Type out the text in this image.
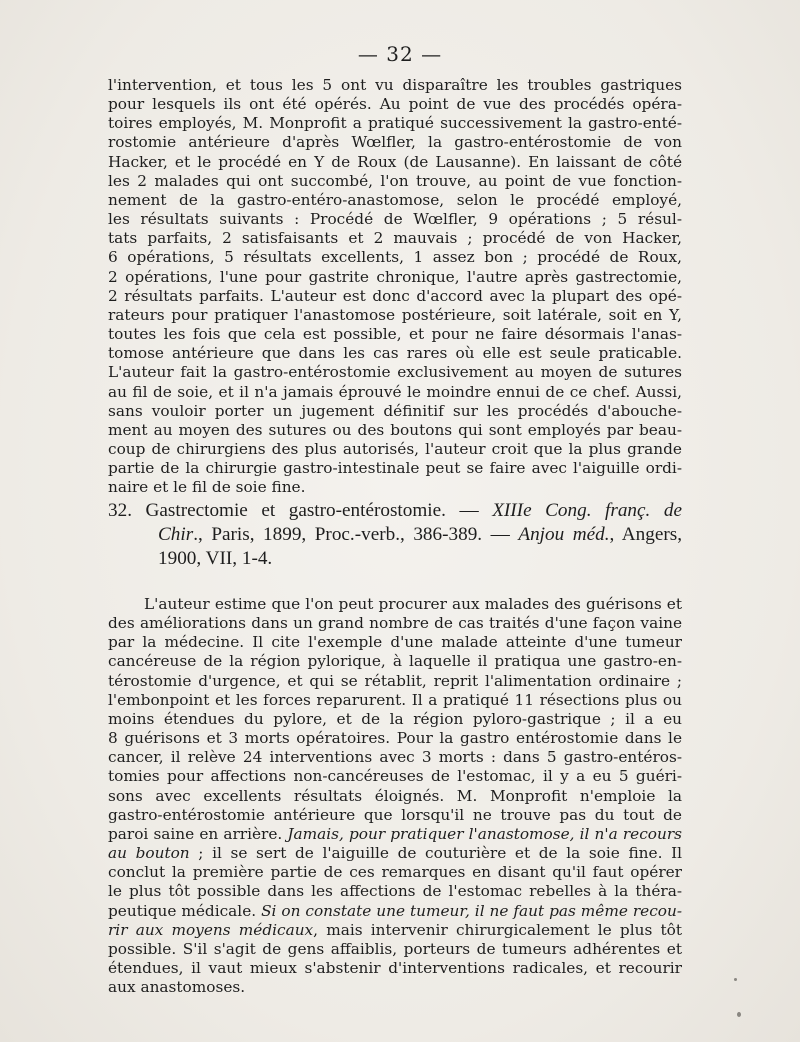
— 32 —
l'intervention, et tous les 5 ont vu disparaître les troubles gastriques
pour lesquels ils ont été opérés. Au point de vue des procédés opéra-
toires employés, M. Monprofit a pratiqué successivement la gastro-enté-
rostomie antérieure d'après Wœlfler, la gastro-entérostomie de von
Hacker, et le procédé en Y de Roux (de Lausanne). En laissant de côté
les 2 malades qui ont succombé, l'on trouve, au point de vue fonction-
nement de la gastro-entéro-anastomose, selon le procédé employé,
les résultats suivants : Procédé de Wœlfler, 9 opérations ; 5 résul-
tats parfaits, 2 satisfaisants et 2 mauvais ; procédé de von Hacker,
6 opérations, 5 résultats excellents, 1 assez bon ; procédé de Roux,
2 opérations, l'une pour gastrite chronique, l'autre après gastrectomie,
2 résultats parfaits. L'auteur est donc d'accord avec la plupart des opé-
rateurs pour pratiquer l'anastomose postérieure, soit latérale, soit en Y,
toutes les fois que cela est possible, et pour ne faire désormais l'anas-
tomose antérieure que dans les cas rares où elle est seule praticable.
L'auteur fait la gastro-entérostomie exclusivement au moyen de sutures
au fil de soie, et il n'a jamais éprouvé le moindre ennui de ce chef. Aussi,
sans vouloir porter un jugement définitif sur les procédés d'abouche-
ment au moyen des sutures ou des boutons qui sont employés par beau-
coup de chirurgiens des plus autorisés, l'auteur croit que la plus grande
partie de la chirurgie gastro-intestinale peut se faire avec l'aiguille ordi-
naire et le fil de soie fine.
32. Gastrectomie et gastro-entérostomie. — XIIIe Cong. franç. de
Chir., Paris, 1899, Proc.-verb., 386-389. — Anjou méd., Angers,
1900, VII, 1-4.
L'auteur estime que l'on peut procurer aux malades des guérisons et
des améliorations dans un grand nombre de cas traités d'une façon vaine
par la médecine. Il cite l'exemple d'une malade atteinte d'une tumeur
cancéreuse de la région pylorique, à laquelle il pratiqua une gastro-en-
térostomie d'urgence, et qui se rétablit, reprit l'alimentation ordinaire ;
l'embonpoint et les forces reparurent. Il a pratiqué 11 résections plus ou
moins étendues du pylore, et de la région pyloro-gastrique ; il a eu
8 guérisons et 3 morts opératoires. Pour la gastro entérostomie dans le
cancer, il relève 24 interventions avec 3 morts : dans 5 gastro-entéros-
tomies pour affections non-cancéreuses de l'estomac, il y a eu 5 guéri-
sons avec excellents résultats éloignés. M. Monprofit n'emploie la
gastro-entérostomie antérieure que lorsqu'il ne trouve pas du tout de
paroi saine en arrière. Jamais, pour pratiquer l'anastomose, il n'a recours
au bouton ; il se sert de l'aiguille de couturière et de la soie fine. Il
conclut la première partie de ces remarques en disant qu'il faut opérer
le plus tôt possible dans les affections de l'estomac rebelles à la théra-
peutique médicale. Si on constate une tumeur, il ne faut pas même recou-
rir aux moyens médicaux, mais intervenir chirurgicalement le plus tôt
possible. S'il s'agit de gens affaiblis, porteurs de tumeurs adhérentes et
étendues, il vaut mieux s'abstenir d'interventions radicales, et recourir
aux anastomoses.
